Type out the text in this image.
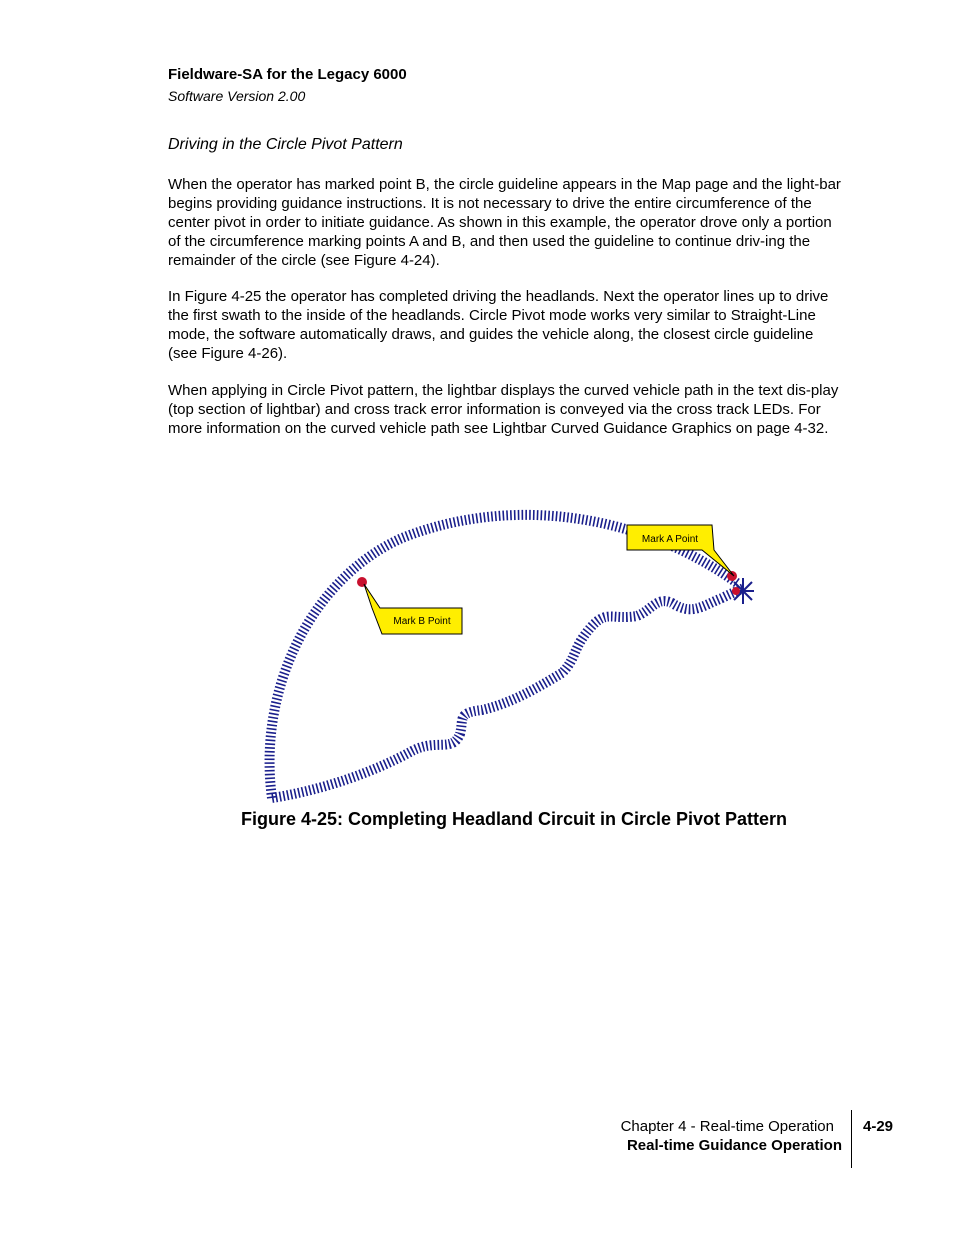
Fieldware-SA for the Legacy 6000
Software Version 2.00
Driving in the Circle Pivot Pattern

When the operator has marked point B, the circle guideline appears in the Map page and the light-bar begins providing guidance instructions. It is not necessary to drive the entire circumference of the center pivot in order to initiate guidance. As shown in this example, the operator drove only a portion of the circumference marking points A and B, and then used the guideline to continue driv-ing the remainder of the circle (see Figure 4-24).

In Figure 4-25 the operator has completed driving the headlands. Next the operator lines up to drive the first swath to the inside of the headlands. Circle Pivot mode works very similar to Straight-Line mode, the software automatically draws, and guides the vehicle along, the closest circle guideline (see Figure 4-26).

When applying in Circle Pivot pattern, the lightbar displays the curved vehicle path in the text dis-play (top section of lightbar) and cross track error information is conveyed via the cross track LEDs. For more information on the curved vehicle path see Lightbar Curved Guidance Graphics on page 4-32.

Mark A Point
Mark B Point
Figure 4-25: Completing Headland Circuit in Circle Pivot Pattern
Chapter 4 - Real-time Operation
Real-time Guidance Operation
4-29
